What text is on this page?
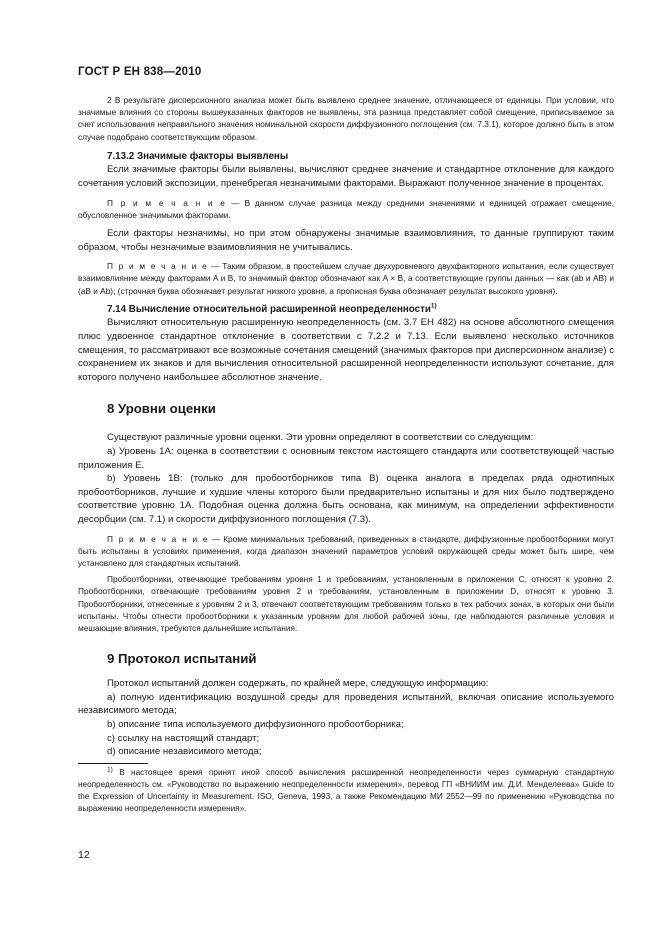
ГОСТ Р ЕН 838—2010

2 В результате дисперсионного анализа может быть выявлено среднее значение, отличающееся от единицы. При условии, что значимые влияния со стороны вышеуказанных факторов не выявлены, эта разница представляет собой смещение, приписываемое за счет использования неправильного значения номинальной скорости диффузионного поглощения (см. 7.3.1), которое должно быть в этом случае подобрано соответствующим образом.

7.13.2 Значимые факторы выявлены

Если значимые факторы были выявлены, вычисляют среднее значение и стандартное отклонение для каждого сочетания условий экспозиции, пренебрегая незначимыми факторами. Выражают полученное значение в процентах.

П р и м е ч а н и е — В данном случае разница между средними значениями и единицей отражает смещение, обусловленное значимыми факторами.

Если факторы незначимы, но при этом обнаружены значимые взаимовлияния, то данные группируют таким образом, чтобы незначимые взаимовлияния не учитывались.

П р и м е ч а н и е — Таким образом, в простейшем случае двухуровневого двухфакторного испытания, если существует взаимовлияние между факторами A и B, то значимый фактор обозначают как A × B, а соответствующие группы данных — как (ab и AB) и (aB и Ab); (строчная буква обозначает результат низкого уровня, а прописная буква обозначает результат высокого уровня).

7.14 Вычисление относительной расширенной неопределенности$^{1)}$

Вычисляют относительную расширенную неопределенность (см. 3.7 ЕН 482) на основе абсолютного смещения плюс удвоенное стандартное отклонение в соответствии с 7.2.2 и 7.13. Если выявлено несколько источников смещения, то рассматривают все возможные сочетания смещений (значимых факторов при дисперсионном анализе) с сохранением их знаков и для вычисления относительной расширенной неопределенности используют сочетание, для которого получено наибольшее абсолютное значение.

8 Уровни оценки

Существуют различные уровни оценки. Эти уровни определяют в соответствии со следующим:

a) Уровень 1А: оценка в соответствии с основным текстом настоящего стандарта или соответствующей частью приложения Е.

b) Уровень 1В: (только для пробоотборников типа В) оценка аналога в пределах ряда однотипных пробоотборников, лучшие и худшие члены которого были предварительно испытаны и для них было подтверждено соответствие уровню 1А. Подобная оценка должна быть основана, как минимум, на определении эффективности десорбции (см. 7.1) и скорости диффузионного поглощения (7.3).

П р и м е ч а н и е — Кроме минимальных требований, приведенных в стандарте, диффузионные пробоотборники могут быть испытаны в условиях применения, когда диапазон значений параметров условий окружающей среды может быть шире, чем установлено для стандартных испытаний.

Пробоотборники, отвечающие требованиям уровня 1 и требованиям, установленным в приложении С, относят к уровню 2. Пробоотборники, отвечающие требованиям уровня 2 и требованиям, установленным в приложении D, относят к уровню 3. Пробоотборники, отнесенные к уровням 2 и 3, отвечают соответствующим требованиям только в тех рабочих зонах, в которых они были испытаны. Чтобы отнести пробоотборники к указанным уровням для любой рабочей зоны, где наблюдаются различные условия и мешающие влияния, требуются дальнейшие испытания.

9 Протокол испытаний

Протокол испытаний должен содержать, по крайней мере, следующую информацию:

a) полную идентификацию воздушной среды для проведения испытаний, включая описание используемого независимого метода;

b) описание типа используемого диффузионного пробоотборника;

c) ссылку на настоящий стандарт;

d) описание независимого метода;

$^{1)}$ В настоящее время принят иной способ вычисления расширенной неопределенности через суммарную стандартную неопределенность см. «Руководство по выражению неопределенности измерения», перевод ГП «ВНИИМ им. Д.И. Менделеева» Guide to the Expression of Uncertainty in Measurement. ISO, Geneva, 1993, а также Рекомендацию МИ 2552—99 по применению «Руководства по выражению неопределенности измерения».

12
